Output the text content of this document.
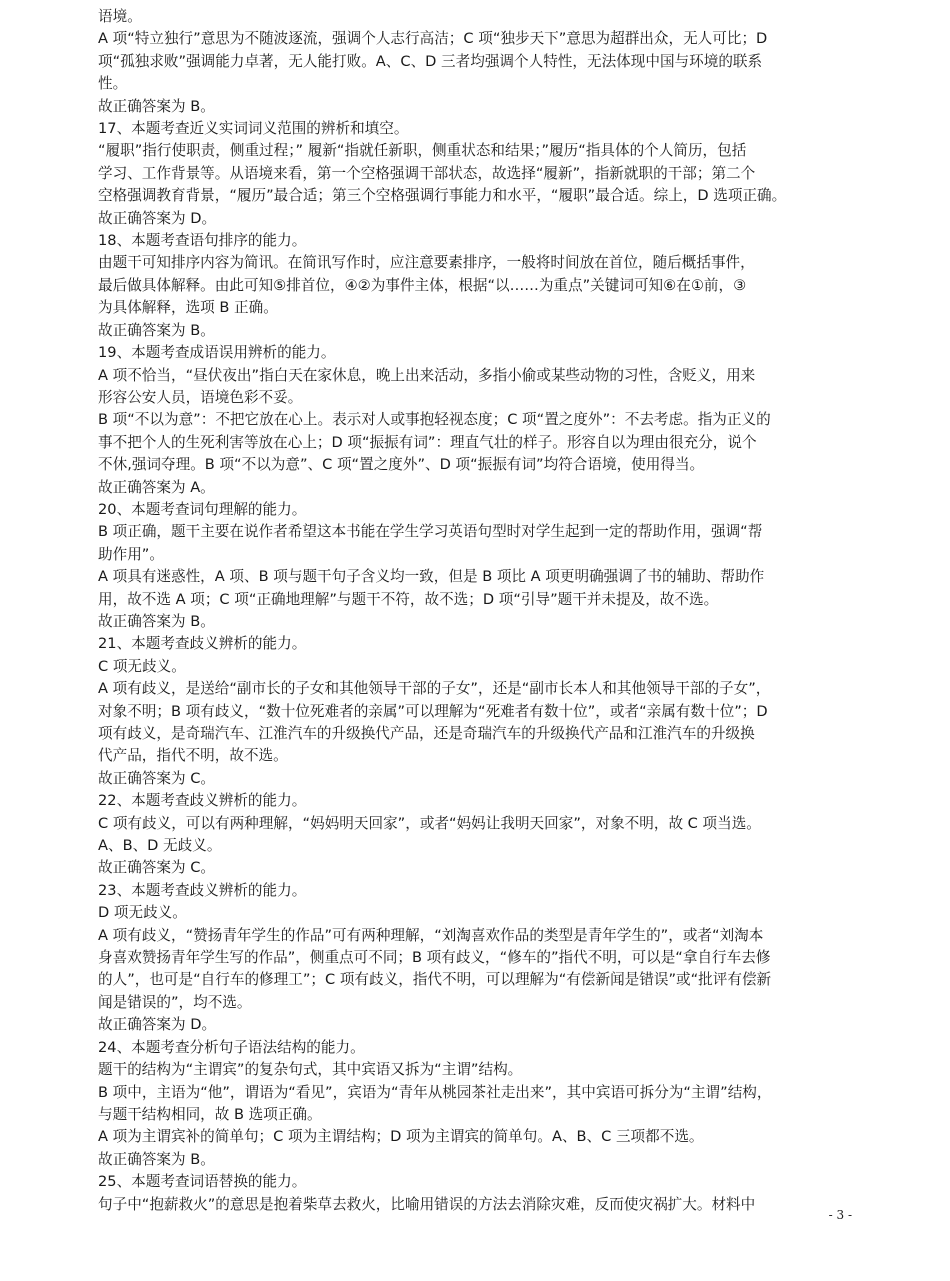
语境。
A 项“特立独行”意思为不随波逐流，强调个人志行高洁；C 项“独步天下”意思为超群出众，无人可比；D
项“孤独求败”强调能力卓著，无人能打败。A、C、D 三者均强调个人特性，无法体现中国与环境的联系
性。
故正确答案为 B。
17、本题考查近义实词词义范围的辨析和填空。
“履职”指行使职责，侧重过程；” 履新“指就任新职，侧重状态和结果；”履历“指具体的个人简历，包括
学习、工作背景等。从语境来看，第一个空格强调干部状态，故选择“履新”，指新就职的干部；第二个
空格强调教育背景，“履历”最合适；第三个空格强调行事能力和水平，“履职”最合适。综上，D 选项正确。
故正确答案为 D。
18、本题考查语句排序的能力。
由题干可知排序内容为简讯。在简讯写作时，应注意要素排序，一般将时间放在首位，随后概括事件，
最后做具体解释。由此可知⑤排首位，④②为事件主体，根据“以……为重点”关键词可知⑥在①前，③
为具体解释，选项 B 正确。
故正确答案为 B。
19、本题考查成语误用辨析的能力。
A 项不恰当，“昼伏夜出”指白天在家休息，晚上出来活动，多指小偷或某些动物的习性，含贬义，用来
形容公安人员，语境色彩不妥。
B 项“不以为意”：不把它放在心上。表示对人或事抱轻视态度；C 项“置之度外”：不去考虑。指为正义的
事不把个人的生死利害等放在心上；D 项“振振有词”：理直气壮的样子。形容自以为理由很充分，说个
不休,强词夺理。B 项“不以为意”、C 项“置之度外”、D 项“振振有词”均符合语境，使用得当。
故正确答案为 A。
20、本题考查词句理解的能力。
B 项正确，题干主要在说作者希望这本书能在学生学习英语句型时对学生起到一定的帮助作用，强调“帮
助作用”。
A 项具有迷惑性，A 项、B 项与题干句子含义均一致，但是 B 项比 A 项更明确强调了书的辅助、帮助作
用，故不选 A 项；C 项“正确地理解”与题干不符，故不选；D 项“引导”题干并未提及，故不选。
故正确答案为 B。
21、本题考查歧义辨析的能力。
C 项无歧义。
A 项有歧义，是送给“副市长的子女和其他领导干部的子女”，还是“副市长本人和其他领导干部的子女”，
对象不明；B 项有歧义，“数十位死难者的亲属”可以理解为“死难者有数十位”，或者“亲属有数十位”；D
项有歧义，是奇瑞汽车、江淮汽车的升级换代产品，还是奇瑞汽车的升级换代产品和江淮汽车的升级换
代产品，指代不明，故不选。
故正确答案为 C。
22、本题考查歧义辨析的能力。
C 项有歧义，可以有两种理解，“妈妈明天回家”，或者“妈妈让我明天回家”，对象不明，故 C 项当选。
A、B、D 无歧义。
故正确答案为 C。
23、本题考查歧义辨析的能力。
D 项无歧义。
A 项有歧义，“赞扬青年学生的作品”可有两种理解，“刘淘喜欢作品的类型是青年学生的”，或者“刘淘本
身喜欢赞扬青年学生写的作品”，侧重点可不同；B 项有歧义，“修车的”指代不明，可以是“拿自行车去修
的人”，也可是“自行车的修理工”；C 项有歧义，指代不明，可以理解为“有偿新闻是错误”或“批评有偿新
闻是错误的”，均不选。
故正确答案为 D。
24、本题考查分析句子语法结构的能力。
题干的结构为“主谓宾”的复杂句式，其中宾语又拆为“主谓”结构。
B 项中，主语为“他”，谓语为“看见”，宾语为“青年从桃园茶社走出来”，其中宾语可拆分为“主谓”结构，
与题干结构相同，故 B 选项正确。
A 项为主谓宾补的简单句；C 项为主谓结构；D 项为主谓宾的简单句。A、B、C 三项都不选。
故正确答案为 B。
25、本题考查词语替换的能力。
句子中“抱薪救火”的意思是抱着柴草去救火，比喻用错误的方法去消除灾难，反而使灾祸扩大。材料中
- 3 -
